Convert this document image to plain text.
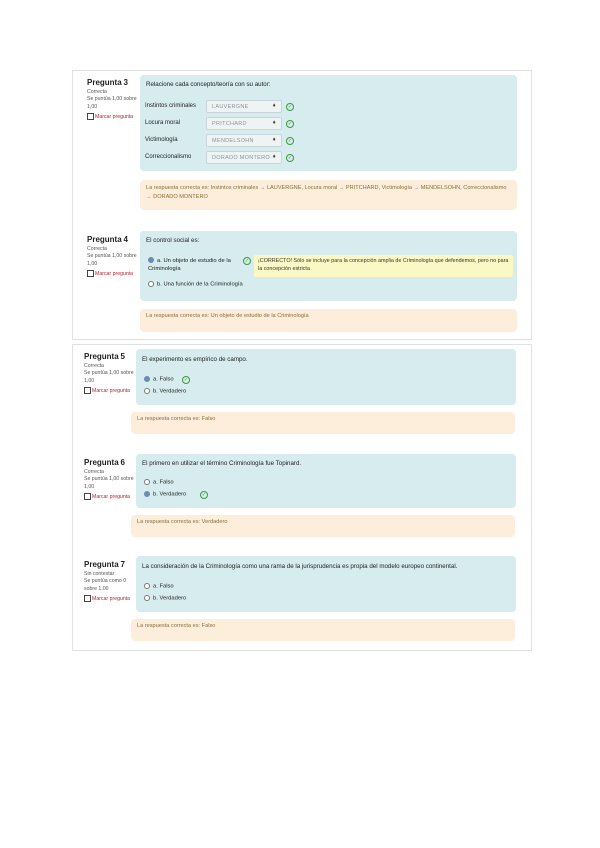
Pregunta 3
Correcta
Se puntúa 1,00 sobre 1,00
Marcar pregunta
Relacione cada concepto/teoría con su autor:
Instintos criminales	LAUVERGNE	♦	✓
Locura moral	PRITCHARD	♦	✓
Victimología	MENDELSOHN	♦	✓
Correccionalismo	DORADO MONTERO ♦	✓
La respuesta correcta es: Instintos criminales → LAUVERGNE, Locura moral → PRITCHARD, Victimología → MENDELSOHN, Correccionalismo → DORADO MONTERO
Pregunta 4
Correcta
Se puntúa 1,00 sobre 1,00
Marcar pregunta
El control social es:
a. Un objeto de estudio de la Criminología
✓	¡CORRECTO! Sólo se incluye para la concepción amplia de Criminología que defendemos, pero no para la concepción estricta
b. Una función de la Criminología
La respuesta correcta es: Un objeto de estudio de la Criminología
Pregunta 5
Correcta
Se puntúa 1,00 sobre 1,00
Marcar pregunta
El experimento es empírico de campo.
a. Falso	✓
b. Verdadero
La respuesta correcta es: Falso
Pregunta 6
Correcta
Se puntúa 1,00 sobre 1,00
Marcar pregunta
El primero en utilizar el término Criminología fue Topinard.
a. Falso
b. Verdadero	✓
La respuesta correcta es: Verdadero
Pregunta 7
Sin contestar
Se puntúa como 0 sobre 1,00
Marcar pregunta
La consideración de la Criminología como una rama de la jurisprudencia es propia del modelo europeo continental.
a. Falso
b. Verdadero
La respuesta correcta es: Falso
